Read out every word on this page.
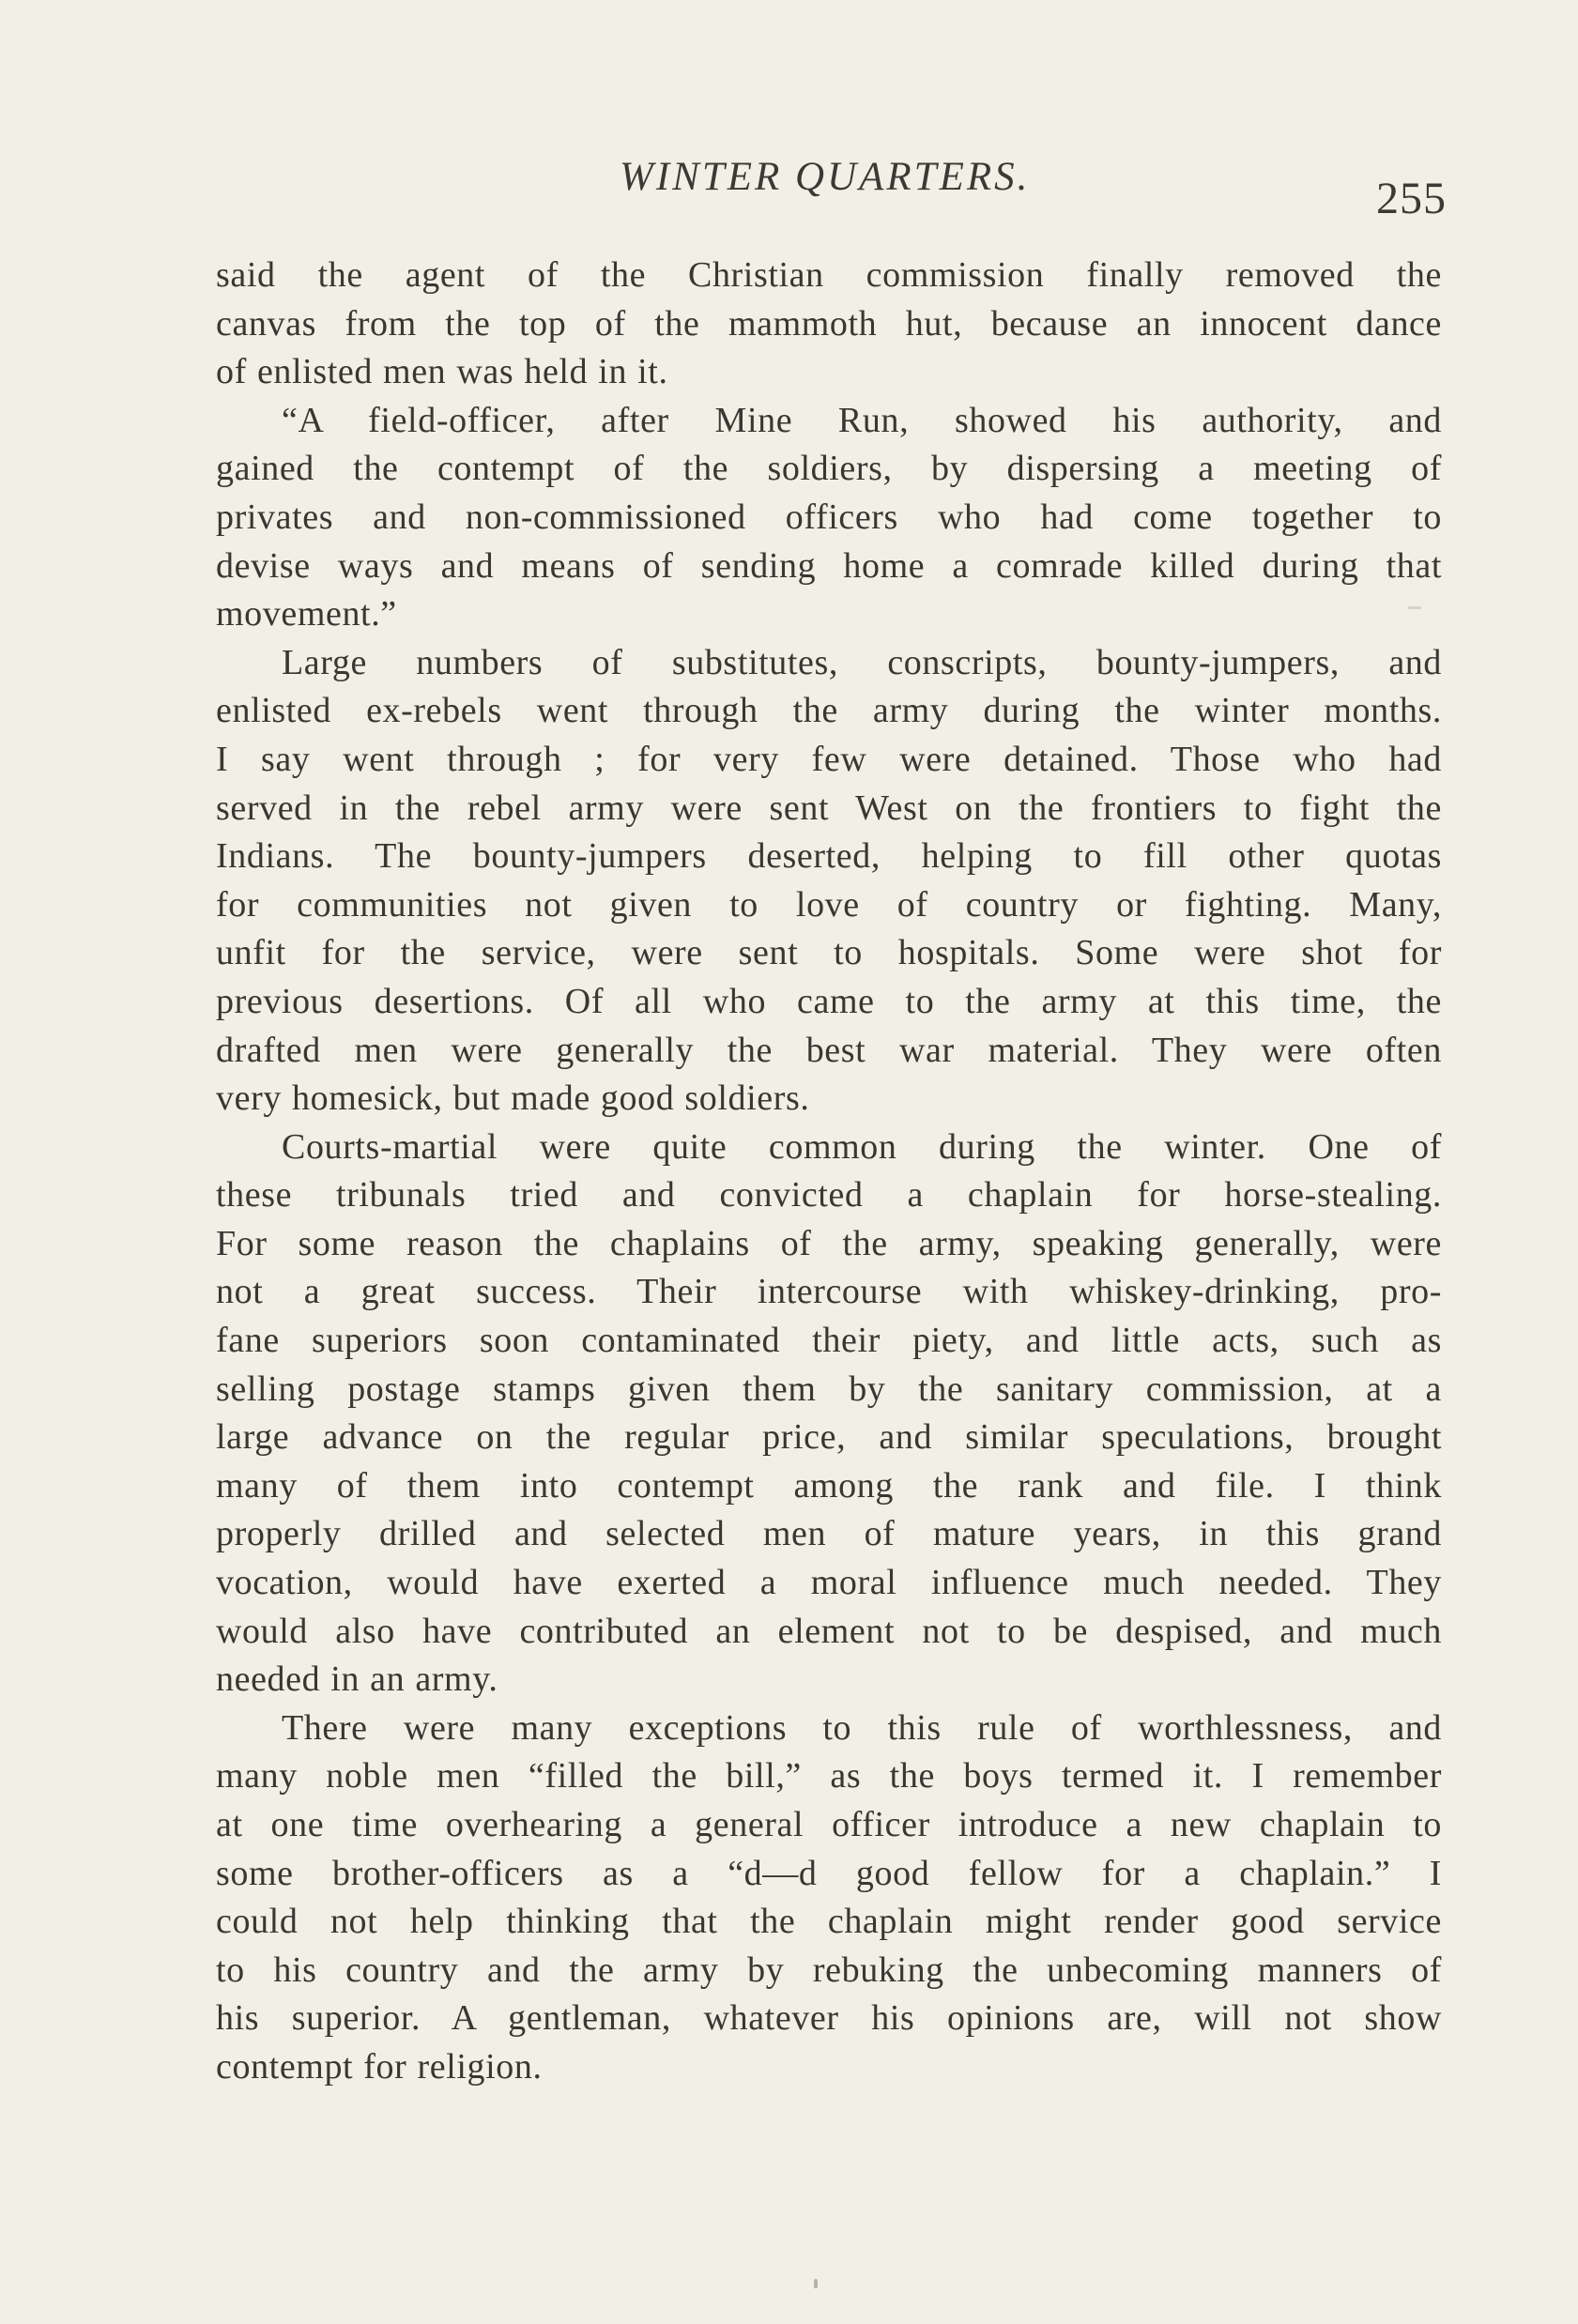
WINTER QUARTERS.	255
said the agent of the Christian commission finally removed the
canvas from the top of the mammoth hut, because an innocent dance
of enlisted men was held in it.
“A field-officer, after Mine Run, showed his authority, and
gained the contempt of the soldiers, by dispersing a meeting of
privates and non-commissioned officers who had come together to
devise ways and means of sending home a comrade killed during that
movement.”
Large numbers of substitutes, conscripts, bounty-jumpers, and
enlisted ex-rebels went through the army during the winter months.
I say went through ; for very few were detained. Those who had
served in the rebel army were sent West on the frontiers to fight the
Indians. The bounty-jumpers deserted, helping to fill other quotas
for communities not given to love of country or fighting. Many,
unfit for the service, were sent to hospitals. Some were shot for
previous desertions. Of all who came to the army at this time, the
drafted men were generally the best war material. They were often
very homesick, but made good soldiers.
Courts-martial were quite common during the winter. One of
these tribunals tried and convicted a chaplain for horse-stealing.
For some reason the chaplains of the army, speaking generally, were
not a great success. Their intercourse with whiskey-drinking, pro-
fane superiors soon contaminated their piety, and little acts, such as
selling postage stamps given them by the sanitary commission, at a
large advance on the regular price, and similar speculations, brought
many of them into contempt among the rank and file. I think
properly drilled and selected men of mature years, in this grand
vocation, would have exerted a moral influence much needed. They
would also have contributed an element not to be despised, and much
needed in an army.
There were many exceptions to this rule of worthlessness, and
many noble men “filled the bill,” as the boys termed it. I remember
at one time overhearing a general officer introduce a new chaplain to
some brother-officers as a “d—d good fellow for a chaplain.” I
could not help thinking that the chaplain might render good service
to his country and the army by rebuking the unbecoming manners of
his superior. A gentleman, whatever his opinions are, will not show
contempt for religion.
